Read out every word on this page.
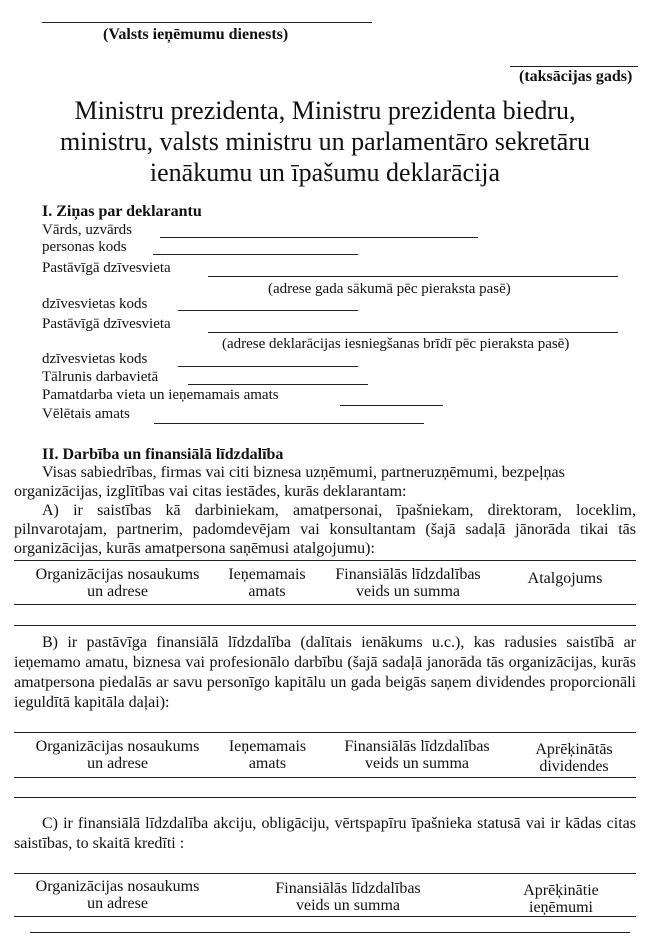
(Valsts ieņēmumu dienests)
(taksācijas gads)
Ministru prezidenta, Ministru prezidenta biedru,
ministru, valsts ministru un parlamentāro sekretāru
ienākumu un īpašumu deklarācija
I. Ziņas par deklarantu
Vārds, uzvārds
personas kods
Pastāvīgā dzīvesvieta
(adrese gada sākumā pēc pieraksta pasē)
dzīvesvietas kods
Pastāvīgā dzīvesvieta
(adrese deklarācijas iesniegšanas brīdī pēc pieraksta pasē)
dzīvesvietas kods
Tālrunis darbavietā
Pamatdarba vieta un ieņemamais amats
Vēlētais amats
II. Darbība un finansiālā līdzdalība
Visas sabiedrības, firmas vai citi biznesa uzņēmumi, partneruzņēmumi, bezpeļņas
organizācijas, izglītības vai citas iestādes, kurās deklarantam:
A) ir saistības kā darbiniekam, amatpersonai, īpašniekam, direktoram, loceklim, pilnvarotajam, partnerim, padomdevējam vai konsultantam (šajā sadaļā jānorāda tikai tās organizācijas, kurās amatpersona saņēmusi atalgojumu):
Organizācijas nosaukums
un adrese
Ieņemamais
amats
Finansiālās līdzdalības
veids un summa
Atalgojums
B) ir pastāvīga finansiālā līdzdalība (dalītais ienākums u.c.), kas radusies saistībā ar ieņemamo amatu, biznesa vai profesionālo darbību (šajā sadaļā janorāda tās organizācijas, kurās amatpersona piedalās ar savu personīgo kapitālu un gada beigās saņem dividendes proporcionāli ieguldītā kapitāla daļai):
Organizācijas nosaukums
un adrese
Ieņemamais
amats
Finansiālās līdzdalības
veids un summa
Aprēķinātās
dividendes
C) ir finansiālā līdzdalība akciju, obligāciju, vērtspapīru īpašnieka statusā vai ir kādas citas saistības, to skaitā kredīti :
Organizācijas nosaukums
un adrese
Finansiālās līdzdalības
veids un summa
Aprēķinātie
ieņēmumi
